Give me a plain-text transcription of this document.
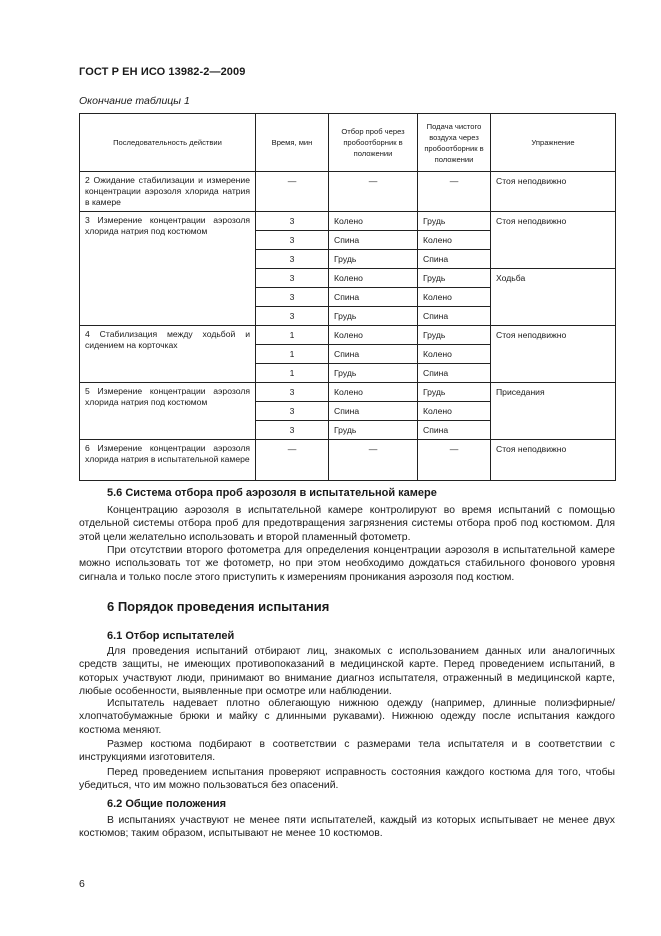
ГОСТ Р ЕН ИСО 13982-2—2009
Окончание таблицы 1
Последовательность действии	Время, мин	Отбор проб через пробоотборник в положении	Подача чистого воздуха через пробоотборник в положении	Упражнение
2 Ожидание стабилизации и измерение концентрации аэрозоля хлорида натрия в камере	—	—	—	Стоя неподвижно
3 Измерение концентрации аэрозоля хлорида натрия под костюмом	3	Колено	Грудь	Стоя неподвижно
	3	Спина	Колено	
	3	Грудь	Спина	
	3	Колено	Грудь	Ходьба
	3	Спина	Колено	
	3	Грудь	Спина	
4 Стабилизация между ходьбой и сидением на корточках	1	Колено	Грудь	Стоя неподвижно
	1	Спина	Колено	
	1	Грудь	Спина	
5 Измерение концентрации аэрозоля хлорида натрия под костюмом	3	Колено	Грудь	Приседания
	3	Спина	Колено	
	3	Грудь	Спина	
6 Измерение концентрации аэрозоля хлорида натрия в испытательной камере	—	—	—	Стоя неподвижно
5.6 Система отбора проб аэрозоля в испытательной камере

Концентрацию аэрозоля в испытательной камере контролируют во время испытаний с помощью отдельной системы отбора проб для предотвращения загрязнения системы отбора проб под костюмом. Для этой цели желательно использовать и второй пламенный фотометр.

При отсутствии второго фотометра для определения концентрации аэрозоля в испытательной камере можно использовать тот же фотометр, но при этом необходимо дождаться стабильного фонового уровня сигнала и только после этого приступить к измерениям проникания аэрозоля под костюм.

6 Порядок проведения испытания
6.1 Отбор испытателей

Для проведения испытаний отбирают лиц, знакомых с использованием данных или аналогичных средств защиты, не имеющих противопоказаний в медицинской карте. Перед проведением испытаний, в которых участвуют люди, принимают во внимание диагноз испытателя, отраженный в медицинской карте, любые особенности, выявленные при осмотре или наблюдении.

Испытатель надевает плотно облегающую нижнюю одежду (например, длинные полиэфирные/хлопчатобумажные брюки и майку с длинными рукавами). Нижнюю одежду после испытания каждого костюма меняют.

Размер костюма подбирают в соответствии с размерами тела испытателя и в соответствии с инструкциями изготовителя.

Перед проведением испытания проверяют исправность состояния каждого костюма для того, чтобы убедиться, что им можно пользоваться без опасений.

6.2 Общие положения

В испытаниях участвуют не менее пяти испытателей, каждый из которых испытывает не менее двух костюмов; таким образом, испытывают не менее 10 костюмов.

6
